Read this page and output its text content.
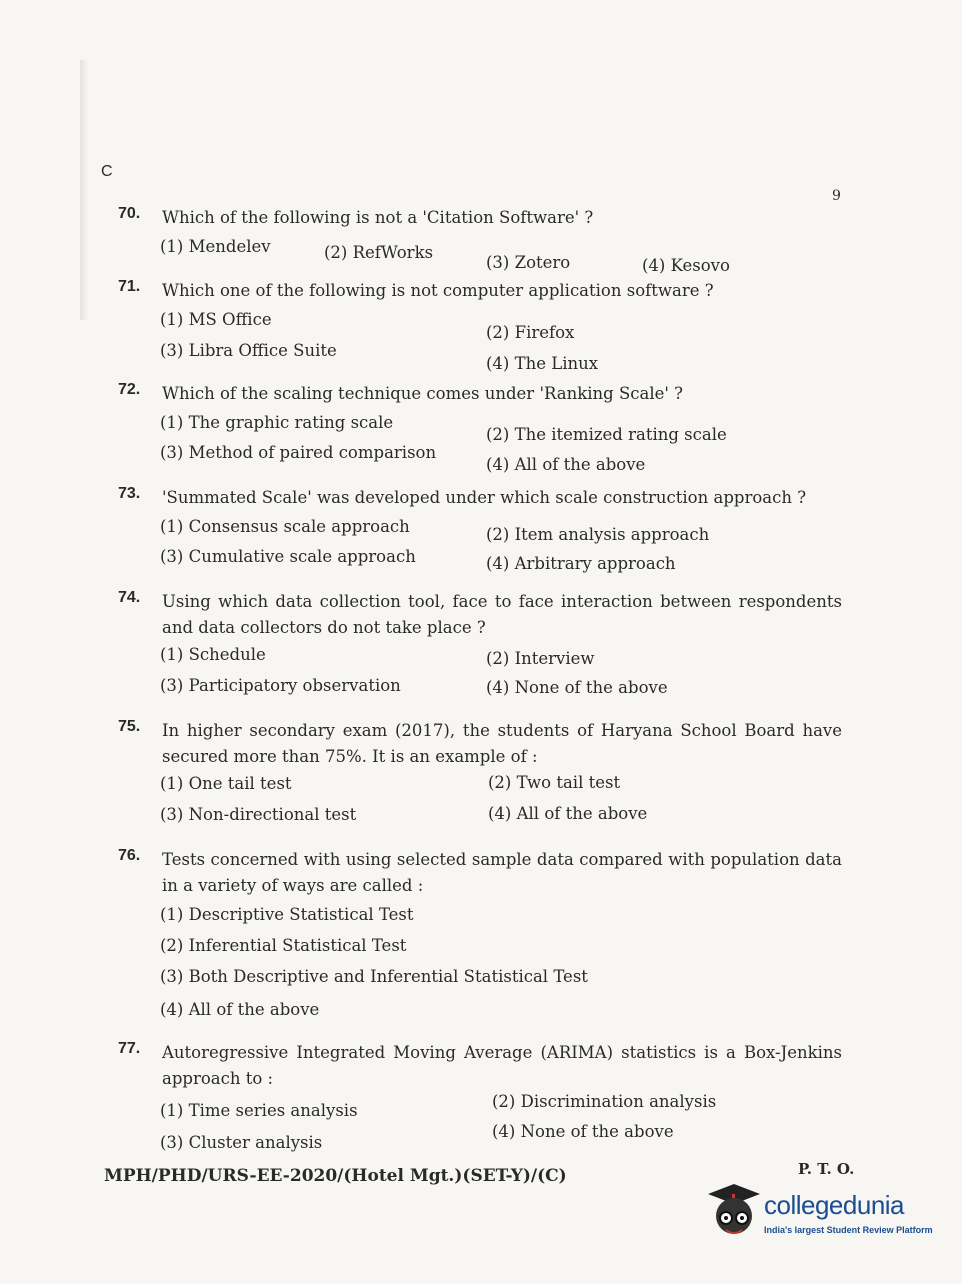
C
9
70. Which of the following is not a 'Citation Software' ?
(1) Mendelev	(2) RefWorks
(3) Zotero	(4) Kesovo
71. Which one of the following is not computer application software ?
(1) MS Office
(2) Firefox
(3) Libra Office Suite
(4) The Linux
72. Which of the scaling technique comes under 'Ranking Scale' ?
(1) The graphic rating scale
(2) The itemized rating scale
(3) Method of paired comparison
(4) All of the above
73. 'Summated Scale' was developed under which scale construction approach ?
(1) Consensus scale approach	(2) Item analysis approach
(3) Cumulative scale approach	(4) Arbitrary approach
74. Using which data collection tool, face to face interaction between respondents and data collectors do not take place ?
(1) Schedule	(2) Interview
(3) Participatory observation	(4) None of the above
75. In higher secondary exam (2017), the students of Haryana School Board have secured more than 75%. It is an example of :
(1) One tail test	(2) Two tail test
(3) Non-directional test	(4) All of the above
76. Tests concerned with using selected sample data compared with population data in a variety of ways are called :
(1) Descriptive Statistical Test
(2) Inferential Statistical Test
(3) Both Descriptive and Inferential Statistical Test
(4) All of the above
77. Autoregressive Integrated Moving Average (ARIMA) statistics is a Box-Jenkins approach to :
(1) Time series analysis	(2) Discrimination analysis
(3) Cluster analysis
(4) None of the above
MPH/PHD/URS-EE-2020/(Hotel Mgt.)(SET-Y)/(C)	P. T. O.
collegedunia
India's largest Student Review Platform
